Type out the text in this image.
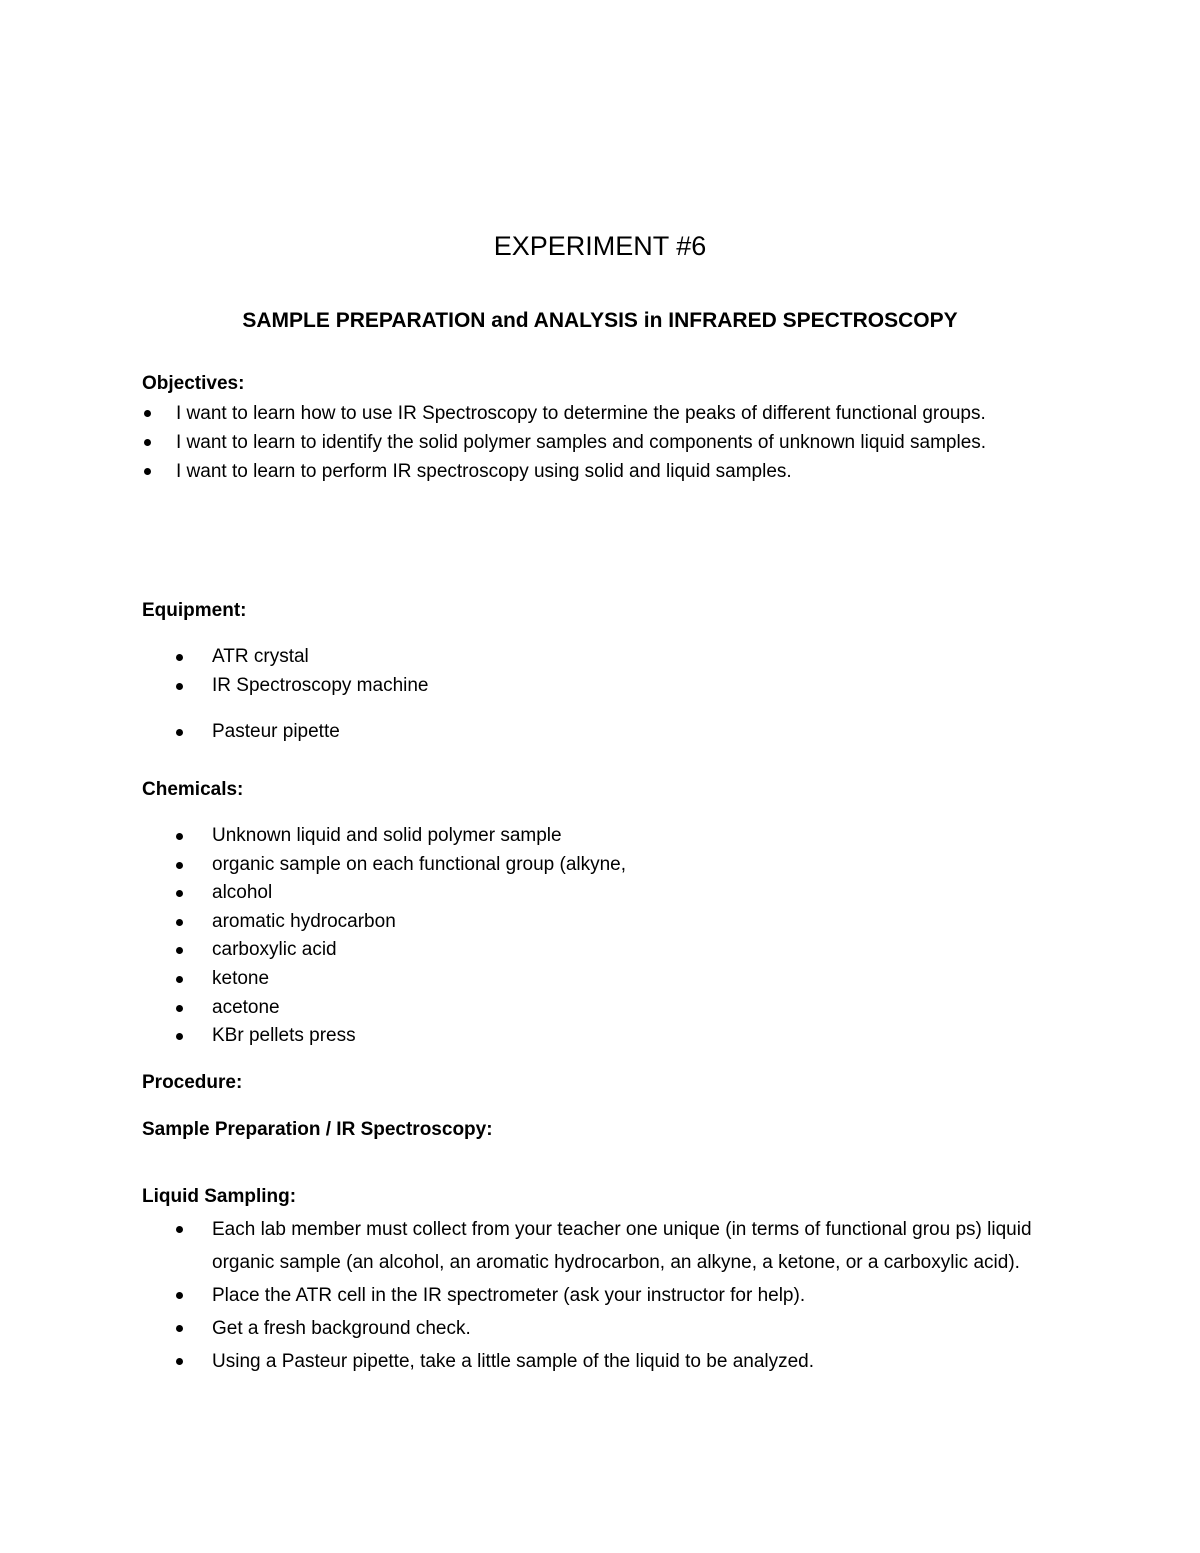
EXPERIMENT #6
SAMPLE PREPARATION and ANALYSIS in INFRARED SPECTROSCOPY

Objectives:

I want to learn how to use IR Spectroscopy to determine the peaks of different functional groups.
I want to learn to identify the solid polymer samples and components of unknown liquid samples.
I want to learn to perform IR spectroscopy using solid and liquid samples.

Equipment:

ATR crystal
IR Spectroscopy machine
Pasteur pipette

Chemicals:

Unknown liquid and solid polymer sample
organic sample on each functional group (alkyne,
alcohol
aromatic hydrocarbon
carboxylic acid
ketone
acetone
KBr pellets press

Procedure:

Sample Preparation / IR Spectroscopy:

Liquid Sampling:

Each lab member must collect from your teacher one unique (in terms of functional grou ps) liquid organic sample (an alcohol, an aromatic hydrocarbon, an alkyne, a ketone, or a carboxylic acid).
Place the ATR cell in the IR spectrometer (ask your instructor for help).
Get a fresh background check.
Using a Pasteur pipette, take a little sample of the liquid to be analyzed.
